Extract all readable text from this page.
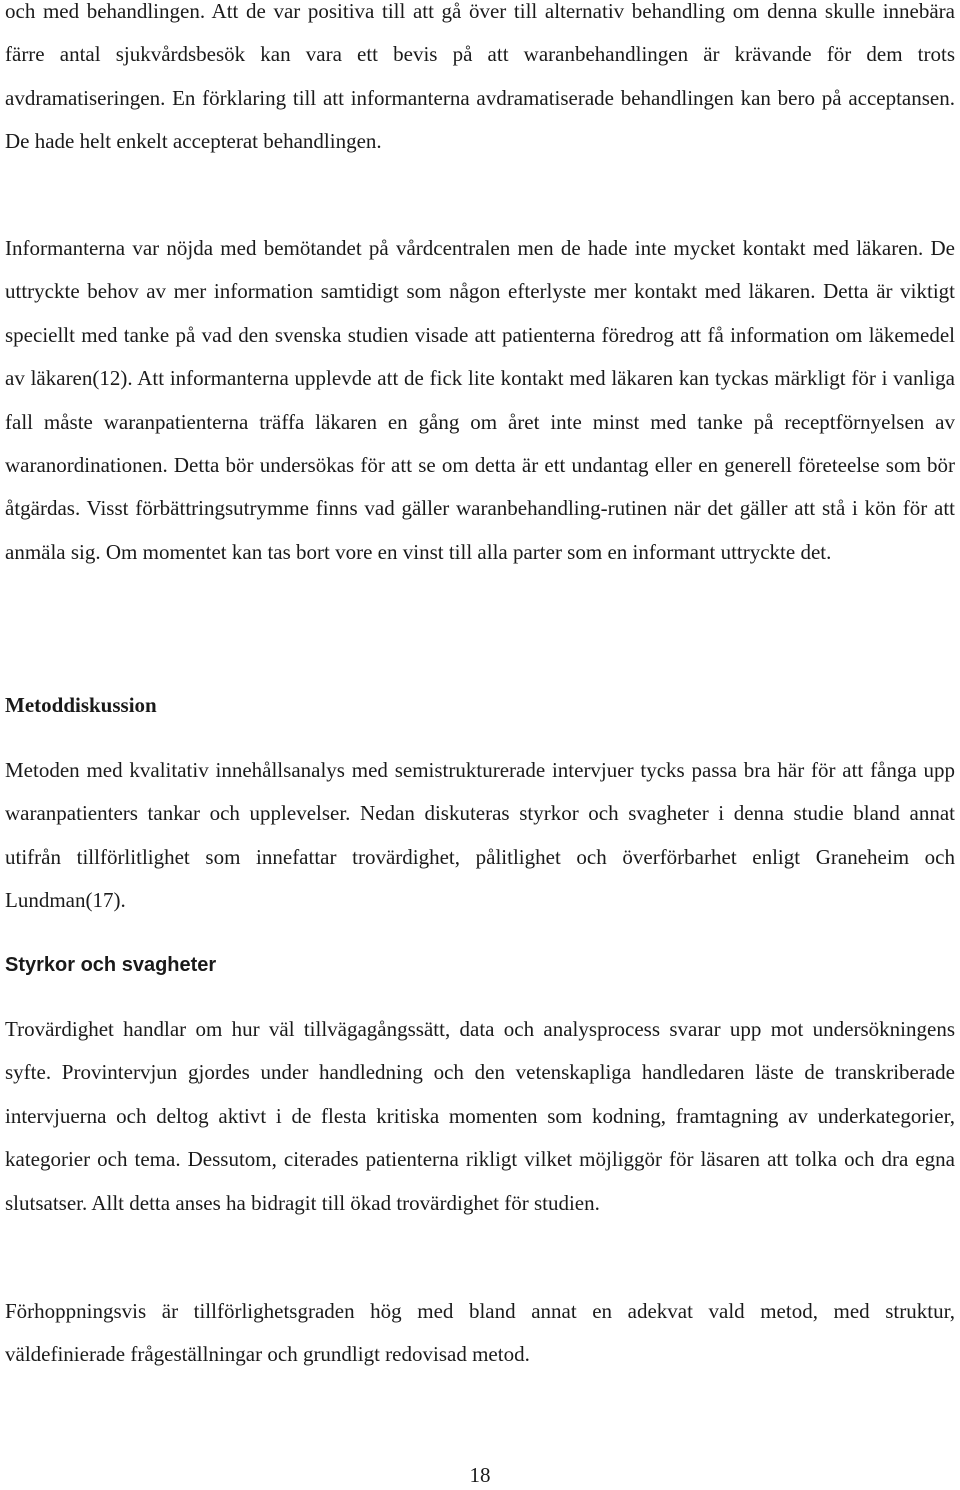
och med behandlingen. Att de var positiva till att gå över till alternativ behandling om denna skulle innebära färre antal sjukvårdsbesök kan vara ett bevis på att waranbehandlingen är krävande för dem trots avdramatiseringen. En förklaring till att informanterna avdramatiserade behandlingen kan bero på acceptansen. De hade helt enkelt accepterat behandlingen.

Informanterna var nöjda med bemötandet på vårdcentralen men de hade inte mycket kontakt med läkaren. De uttryckte behov av mer information samtidigt som någon efterlyste mer kontakt med läkaren. Detta är viktigt speciellt med tanke på vad den svenska studien visade att patienterna föredrog att få information om läkemedel av läkaren(12). Att informanterna upplevde att de fick lite kontakt med läkaren kan tyckas märkligt för i vanliga fall måste waranpatienterna träffa läkaren en gång om året inte minst med tanke på receptförnyelsen av waranordinationen. Detta bör undersökas för att se om detta är ett undantag eller en generell företeelse som bör åtgärdas. Visst förbättringsutrymme finns vad gäller waranbehandling-rutinen när det gäller att stå i kön för att anmäla sig. Om momentet kan tas bort vore en vinst till alla parter som en informant uttryckte det.

Metoddiskussion

Metoden med kvalitativ innehållsanalys med semistrukturerade intervjuer tycks passa bra här för att fånga upp waranpatienters tankar och upplevelser. Nedan diskuteras styrkor och svagheter i denna studie bland annat utifrån tillförlitlighet som innefattar trovärdighet, pålitlighet och överförbarhet enligt Graneheim och Lundman(17).

Styrkor och svagheter

Trovärdighet handlar om hur väl tillvägagångssätt, data och analysprocess svarar upp mot undersökningens syfte. Provintervjun gjordes under handledning och den vetenskapliga handledaren läste de transkriberade intervjuerna och deltog aktivt i de flesta kritiska momenten som kodning, framtagning av underkategorier, kategorier och tema. Dessutom, citerades patienterna rikligt vilket möjliggör för läsaren att tolka och dra egna slutsatser. Allt detta anses ha bidragit till ökad trovärdighet för studien.

Förhoppningsvis är tillförlighetsgraden hög med bland annat en adekvat vald metod, med struktur, väldefinierade frågeställningar och grundligt redovisad metod.

18
